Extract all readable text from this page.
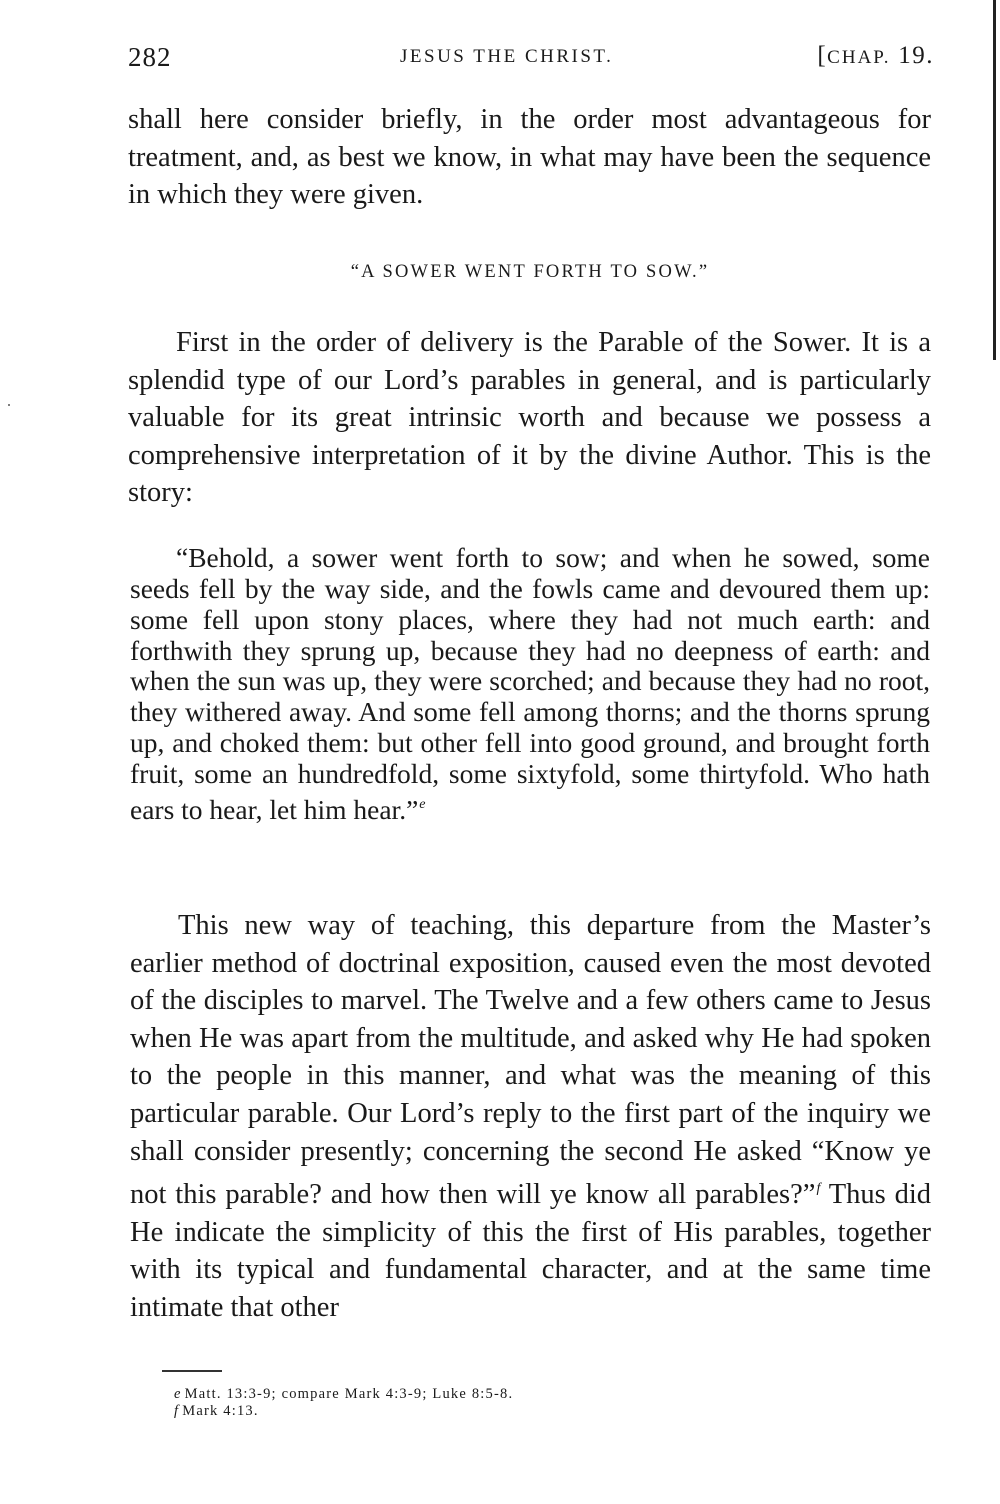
282	JESUS THE CHRIST.	[CHAP. 19.

shall here consider briefly, in the order most advantageous for treatment, and, as best we know, in what may have been the sequence in which they were given.

“A SOWER WENT FORTH TO SOW.”

First in the order of delivery is the Parable of the Sower. It is a splendid type of our Lord’s parables in general, and is particularly valuable for its great intrinsic worth and because we possess a comprehensive interpretation of it by the divine Author. This is the story:

“Behold, a sower went forth to sow; and when he sowed, some seeds fell by the way side, and the fowls came and devoured them up: some fell upon stony places, where they had not much earth: and forthwith they sprung up, because they had no deepness of earth: and when the sun was up, they were scorched; and because they had no root, they withered away. And some fell among thorns; and the thorns sprung up, and choked them: but other fell into good ground, and brought forth fruit, some an hundredfold, some sixtyfold, some thirtyfold. Who hath ears to hear, let him hear.”$^e$

This new way of teaching, this departure from the Master’s earlier method of doctrinal exposition, caused even the most devoted of the disciples to marvel. The Twelve and a few others came to Jesus when He was apart from the multitude, and asked why He had spoken to the people in this manner, and what was the meaning of this particular parable. Our Lord’s reply to the first part of the inquiry we shall consider presently; concerning the second He asked “Know ye not this parable? and how then will ye know all parables?”$^f$ Thus did He indicate the simplicity of this the first of His parables, together with its typical and fundamental character, and at the same time intimate that other

e Matt. 13:3-9; compare Mark 4:3-9; Luke 8:5-8.
f Mark 4:13.
